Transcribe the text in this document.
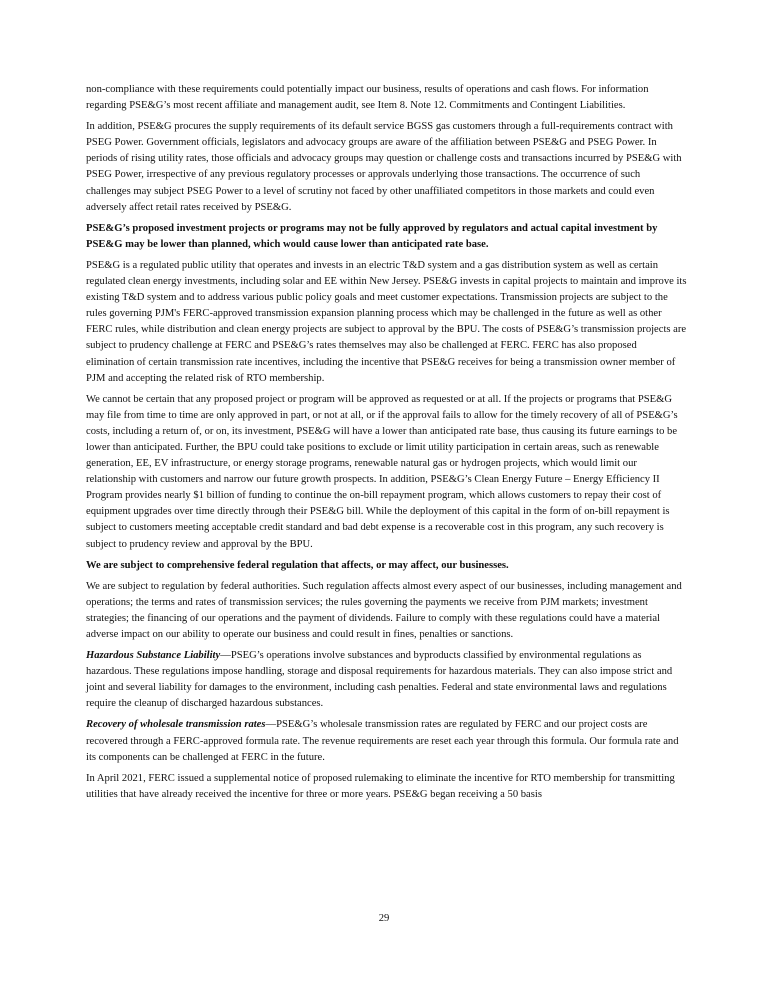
non-compliance with these requirements could potentially impact our business, results of operations and cash flows. For information regarding PSE&G’s most recent affiliate and management audit, see Item 8. Note 12. Commitments and Contingent Liabilities.

In addition, PSE&G procures the supply requirements of its default service BGSS gas customers through a full-requirements contract with PSEG Power. Government officials, legislators and advocacy groups are aware of the affiliation between PSE&G and PSEG Power. In periods of rising utility rates, those officials and advocacy groups may question or challenge costs and transactions incurred by PSE&G with PSEG Power, irrespective of any previous regulatory processes or approvals underlying those transactions. The occurrence of such challenges may subject PSEG Power to a level of scrutiny not faced by other unaffiliated competitors in those markets and could even adversely affect retail rates received by PSE&G.

PSE&G’s proposed investment projects or programs may not be fully approved by regulators and actual capital investment by PSE&G may be lower than planned, which would cause lower than anticipated rate base.

PSE&G is a regulated public utility that operates and invests in an electric T&D system and a gas distribution system as well as certain regulated clean energy investments, including solar and EE within New Jersey. PSE&G invests in capital projects to maintain and improve its existing T&D system and to address various public policy goals and meet customer expectations. Transmission projects are subject to the rules governing PJM's FERC-approved transmission expansion planning process which may be challenged in the future as well as other FERC rules, while distribution and clean energy projects are subject to approval by the BPU. The costs of PSE&G’s transmission projects are subject to prudency challenge at FERC and PSE&G’s rates themselves may also be challenged at FERC. FERC has also proposed elimination of certain transmission rate incentives, including the incentive that PSE&G receives for being a transmission owner member of PJM and accepting the related risk of RTO membership.

We cannot be certain that any proposed project or program will be approved as requested or at all. If the projects or programs that PSE&G may file from time to time are only approved in part, or not at all, or if the approval fails to allow for the timely recovery of all of PSE&G’s costs, including a return of, or on, its investment, PSE&G will have a lower than anticipated rate base, thus causing its future earnings to be lower than anticipated. Further, the BPU could take positions to exclude or limit utility participation in certain areas, such as renewable generation, EE, EV infrastructure, or energy storage programs, renewable natural gas or hydrogen projects, which would limit our relationship with customers and narrow our future growth prospects. In addition, PSE&G’s Clean Energy Future – Energy Efficiency II Program provides nearly $1 billion of funding to continue the on-bill repayment program, which allows customers to repay their cost of equipment upgrades over time directly through their PSE&G bill. While the deployment of this capital in the form of on-bill repayment is subject to customers meeting acceptable credit standard and bad debt expense is a recoverable cost in this program, any such recovery is subject to prudency review and approval by the BPU.

We are subject to comprehensive federal regulation that affects, or may affect, our businesses.

We are subject to regulation by federal authorities. Such regulation affects almost every aspect of our businesses, including management and operations; the terms and rates of transmission services; the rules governing the payments we receive from PJM markets; investment strategies; the financing of our operations and the payment of dividends. Failure to comply with these regulations could have a material adverse impact on our ability to operate our business and could result in fines, penalties or sanctions.

Hazardous Substance Liability—PSEG’s operations involve substances and byproducts classified by environmental regulations as hazardous. These regulations impose handling, storage and disposal requirements for hazardous materials. They can also impose strict and joint and several liability for damages to the environment, including cash penalties. Federal and state environmental laws and regulations require the cleanup of discharged hazardous substances.

Recovery of wholesale transmission rates—PSE&G’s wholesale transmission rates are regulated by FERC and our project costs are recovered through a FERC-approved formula rate. The revenue requirements are reset each year through this formula. Our formula rate and its components can be challenged at FERC in the future.

In April 2021, FERC issued a supplemental notice of proposed rulemaking to eliminate the incentive for RTO membership for transmitting utilities that have already received the incentive for three or more years. PSE&G began receiving a 50 basis

29
